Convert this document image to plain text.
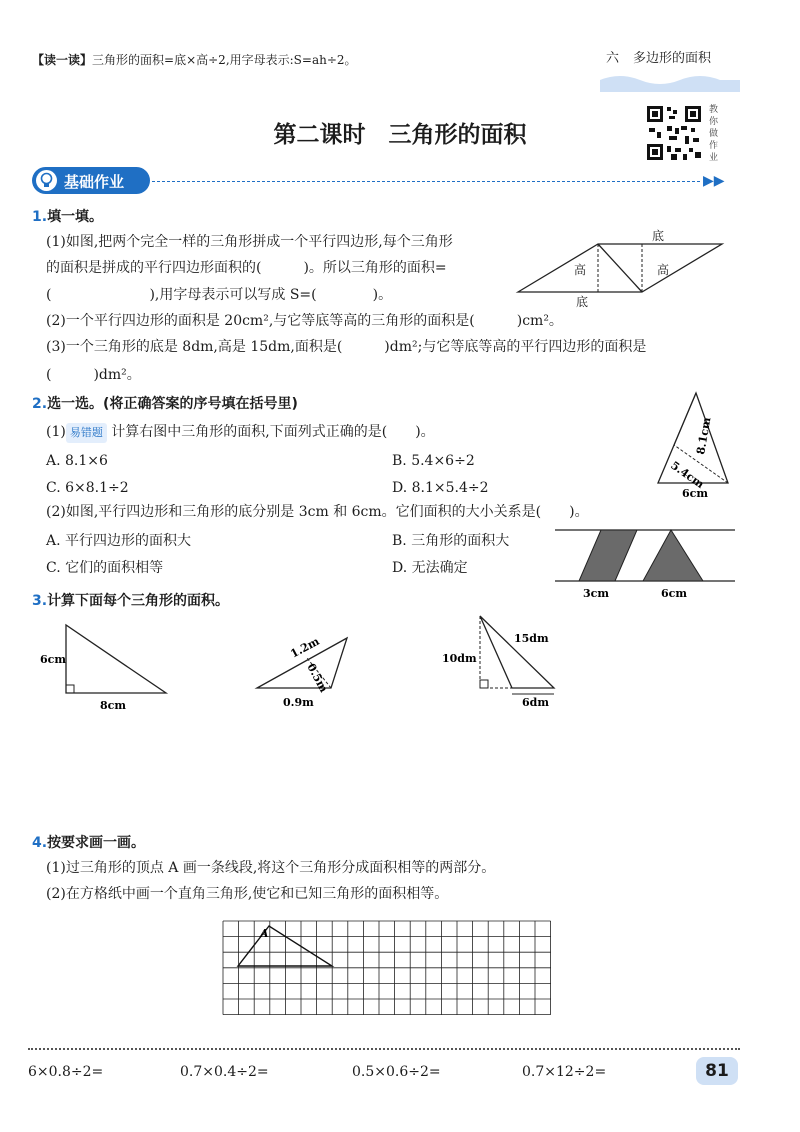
【读一读】三角形的面积=底×高÷2,用字母表示:S=ah÷2。	六 多边形的面积
第二课时　三角形的面积
教
你
做
作
业
基础作业	▶▶
1.填一填。
(1)如图,把两个完全一样的三角形拼成一个平行四边形,每个三角形
的面积是拼成的平行四边形面积的(　　　)。所以三角形的面积=
(　　　　　　　),用字母表示可以写成 S=(　　　　)。
(2)一个平行四边形的面积是 20cm²,与它等底等高的三角形的面积是(　　　)cm²。
(3)一个三角形的底是 8dm,高是 15dm,面积是(　　　)dm²;与它等底等高的平行四边形的面积是
(　　　)dm²。
底
高	高
底
2.选一选。(将正确答案的序号填在括号里)
(1) 易错题 计算右图中三角形的面积,下面列式正确的是(　　)。
A. 8.1×6	B. 5.4×6÷2
C. 6×8.1÷2	D. 8.1×5.4÷2
8.1cm
5.4cm
6cm
(2)如图,平行四边形和三角形的底分别是 3cm 和 6cm。它们面积的大小关系是(　　)。
A. 平行四边形的面积大	B. 三角形的面积大
C. 它们的面积相等	D. 无法确定
3cm	6cm
3.计算下面每个三角形的面积。
6cm
8cm
1.2m
0.5m
0.9m
10dm
15dm
6dm
4.按要求画一画。
(1)过三角形的顶点 A 画一条线段,将这个三角形分成面积相等的两部分。
(2)在方格纸中画一个直角三角形,使它和已知三角形的面积相等。
A
6×0.8÷2=	0.7×0.4÷2=	0.5×0.6÷2=	0.7×12÷2=	81
